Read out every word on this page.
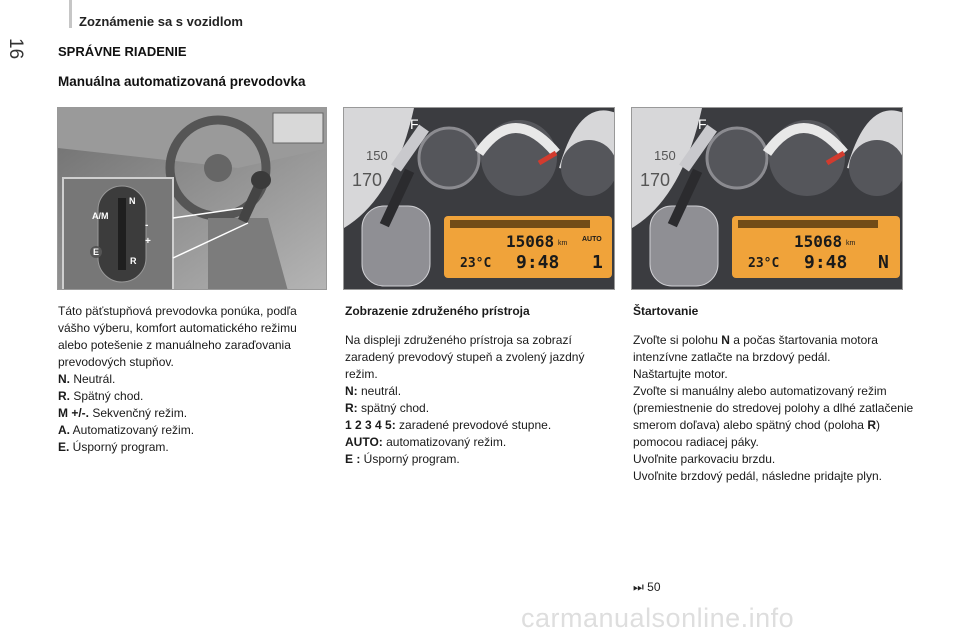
Zoznámenie sa s vozidlom
16 SPRÁVNE RIADENIE
Manuálna automatizovaná prevodovka
A/M
N
+
E
-
R
150
170
F
15068 km
AUTO
23°C 9:48 1
150
170
F
15068 km
23°C 9:48 N

Táto päťstupňová prevodovka ponúka, podľa vášho výberu, komfort automatického režimu alebo potešenie z manuálneho zaraďovania prevodových stupňov.

N. Neutrál.

R. Spätný chod.

M +/-. Sekvenčný režim.

A. Automatizovaný režim.

E. Úsporný program.

Zobrazenie združeného prístroja

Na displeji združeného prístroja sa zobrazí zaradený prevodový stupeň a zvolený jazdný režim.

N: neutrál.

R: spätný chod.

1 2 3 4 5: zaradené prevodové stupne.

AUTO: automatizovaný režim.

E : Úsporný program.

Štartovanie

Zvoľte si polohu N a počas štartovania motora intenzívne zatlačte na brzdový pedál.

Naštartujte motor.

Zvoľte si manuálny alebo automatizovaný režim (premiestnenie do stredovej polohy a dlhé zatlačenie smerom doľava) alebo spätný chod (poloha R) pomocou radiacej páky.

Uvoľnite parkovaciu brzdu.

Uvoľnite brzdový pedál, následne pridajte plyn.

⏭ 50
carmanualsonline.info
